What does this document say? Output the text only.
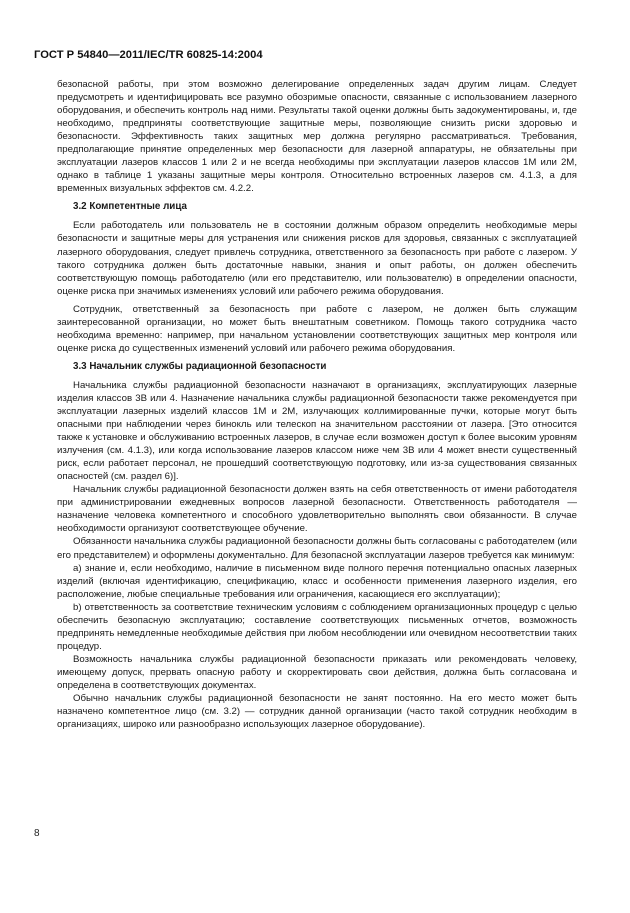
ГОСТ Р 54840—2011/IEC/TR 60825-14:2004

безопасной работы, при этом возможно делегирование определенных задач другим лицам. Следует предусмотреть и идентифицировать все разумно обозримые опасности, связанные с использованием лазерного оборудования, и обеспечить контроль над ними. Результаты такой оценки должны быть задокументированы, и, где необходимо, предприняты соответствующие защитные меры, позволяющие снизить риски здоровью и безопасности. Эффективность таких защитных мер должна регулярно рассматриваться. Требования, предполагающие принятие определенных мер безопасности для лазерной аппаратуры, не обязательны при эксплуатации лазеров классов 1 или 2 и не всегда необходимы при эксплуатации лазеров классов 1М или 2М, однако в таблице 1 указаны защитные меры контроля. Относительно встроенных лазеров см. 4.1.3, а для временных визуальных эффектов см. 4.2.2.

3.2 Компетентные лица

Если работодатель или пользователь не в состоянии должным образом определить необходимые меры безопасности и защитные меры для устранения или снижения рисков для здоровья, связанных с эксплуатацией лазерного оборудования, следует привлечь сотрудника, ответственного за безопасность при работе с лазером. У такого сотрудника должен быть достаточные навыки, знания и опыт работы, он должен обеспечить соответствующую помощь работодателю (или его представителю, или пользователю) в определении опасности, оценке риска при значимых изменениях условий или рабочего режима оборудования.

Сотрудник, ответственный за безопасность при работе с лазером, не должен быть служащим заинтересованной организации, но может быть внештатным советником. Помощь такого сотрудника часто необходима временно: например, при начальном установлении соответствующих защитных мер контроля или оценке риска до существенных изменений условий или рабочего режима оборудования.

3.3 Начальник службы радиационной безопасности

Начальника службы радиационной безопасности назначают в организациях, эксплуатирующих лазерные изделия классов 3В или 4. Назначение начальника службы радиационной безопасности также рекомендуется при эксплуатации лазерных изделий классов 1М и 2М, излучающих коллимированные пучки, которые могут быть опасными при наблюдении через бинокль или телескоп на значительном расстоянии от лазера. [Это относится также к установке и обслуживанию встроенных лазеров, в случае если возможен доступ к более высоким уровням излучения (см. 4.1.3), или когда использование лазеров классом ниже чем 3В или 4 может внести существенный риск, если работает персонал, не прошедший соответствующую подготовку, или из-за существования связанных опасностей (см. раздел 6)].

Начальник службы радиационной безопасности должен взять на себя ответственность от имени работодателя при администрировании ежедневных вопросов лазерной безопасности. Ответственность работодателя — назначение человека компетентного и способного удовлетворительно выполнять свои обязанности. В случае необходимости организуют соответствующее обучение.

Обязанности начальника службы радиационной безопасности должны быть согласованы с работодателем (или его представителем) и оформлены документально. Для безопасной эксплуатации лазеров требуется как минимум:

а) знание и, если необходимо, наличие в письменном виде полного перечня потенциально опасных лазерных изделий (включая идентификацию, спецификацию, класс и особенности применения лазерного изделия, его расположение, любые специальные требования или ограничения, касающиеся его эксплуатации);

b) ответственность за соответствие техническим условиям с соблюдением организационных процедур с целью обеспечить безопасную эксплуатацию; составление соответствующих письменных отчетов, возможность предпринять немедленные необходимые действия при любом несоблюдении или очевидном несоответствии таких процедур.

Возможность начальника службы радиационной безопасности приказать или рекомендовать человеку, имеющему допуск, прервать опасную работу и скорректировать свои действия, должна быть согласована и определена в соответствующих документах.

Обычно начальник службы радиационной безопасности не занят постоянно. На его место может быть назначено компетентное лицо (см. 3.2) — сотрудник данной организации (часто такой сотрудник необходим в организациях, широко или разнообразно использующих лазерное оборудование).

8
